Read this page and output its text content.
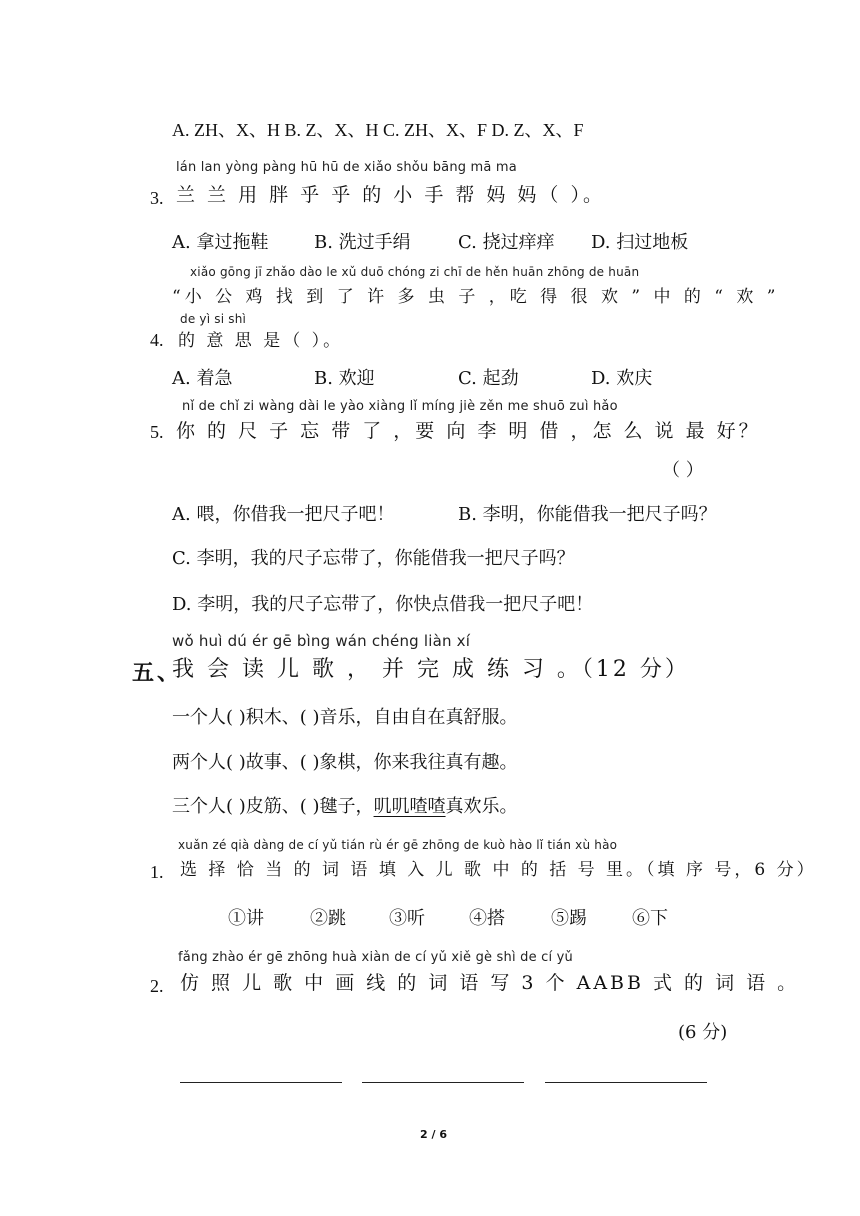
A. ZH、X、H B. Z、X、H C. ZH、X、F D. Z、X、F
lán lan yòng pàng hū hū de xiǎo shǒu bāng mā ma
3. 兰 兰 用 胖 乎 乎 的 小 手 帮 妈 妈（ ）。
A. 拿过拖鞋	B. 洗过手绢	C. 挠过痒痒 D. 扫过地板
xiǎo gōng jī zhǎo dào le xǔ duō chóng zi chī de hěn huān zhōng de huān
“小 公 鸡 找 到 了 许 多 虫 子 ，吃 得 很 欢 ” 中 的 “ 欢 ”
de yì si shì
4. 的 意 思 是（ ）。
A. 着急	B. 欢迎	C. 起劲	D. 欢庆
nǐ de chǐ zi wàng dài le yào xiàng lǐ míng jiè zěn me shuō zuì hǎo
5. 你 的 尺 子 忘 带 了 ，要 向 李 明 借 ，怎 么 说 最 好？
（ ）
A. 喂，你借我一把尺子吧！	B. 李明，你能借我一把尺子吗？
C. 李明，我的尺子忘带了，你能借我一把尺子吗？
D. 李明，我的尺子忘带了，你快点借我一把尺子吧！
wǒ huì dú ér gē bìng wán chéng liàn xí
五、
我 会 读 儿 歌 ， 并 完 成 练 习 。（12 分）
一个人( )积木、( )音乐，自由自在真舒服。
两个人( )故事、( )象棋，你来我往真有趣。
三个人( )皮筋、( )毽子，叽叽喳喳真欢乐。
xuǎn zé qià dàng de cí yǔ tián rù ér gē zhōng de kuò hào lǐ tián xù hào
1. 选 择 恰 当 的 词 语 填 入 儿 歌 中 的 括 号 里。（填 序 号，6 分）
①讲	②跳 ③听 ④搭	⑤踢	⑥下
fǎng zhào ér gē zhōng huà xiàn de cí yǔ xiě gè shì de cí yǔ
2. 仿 照 儿 歌 中 画 线 的 词 语 写 3 个 AABB 式 的 词 语 。
(6 分)
2 / 6
